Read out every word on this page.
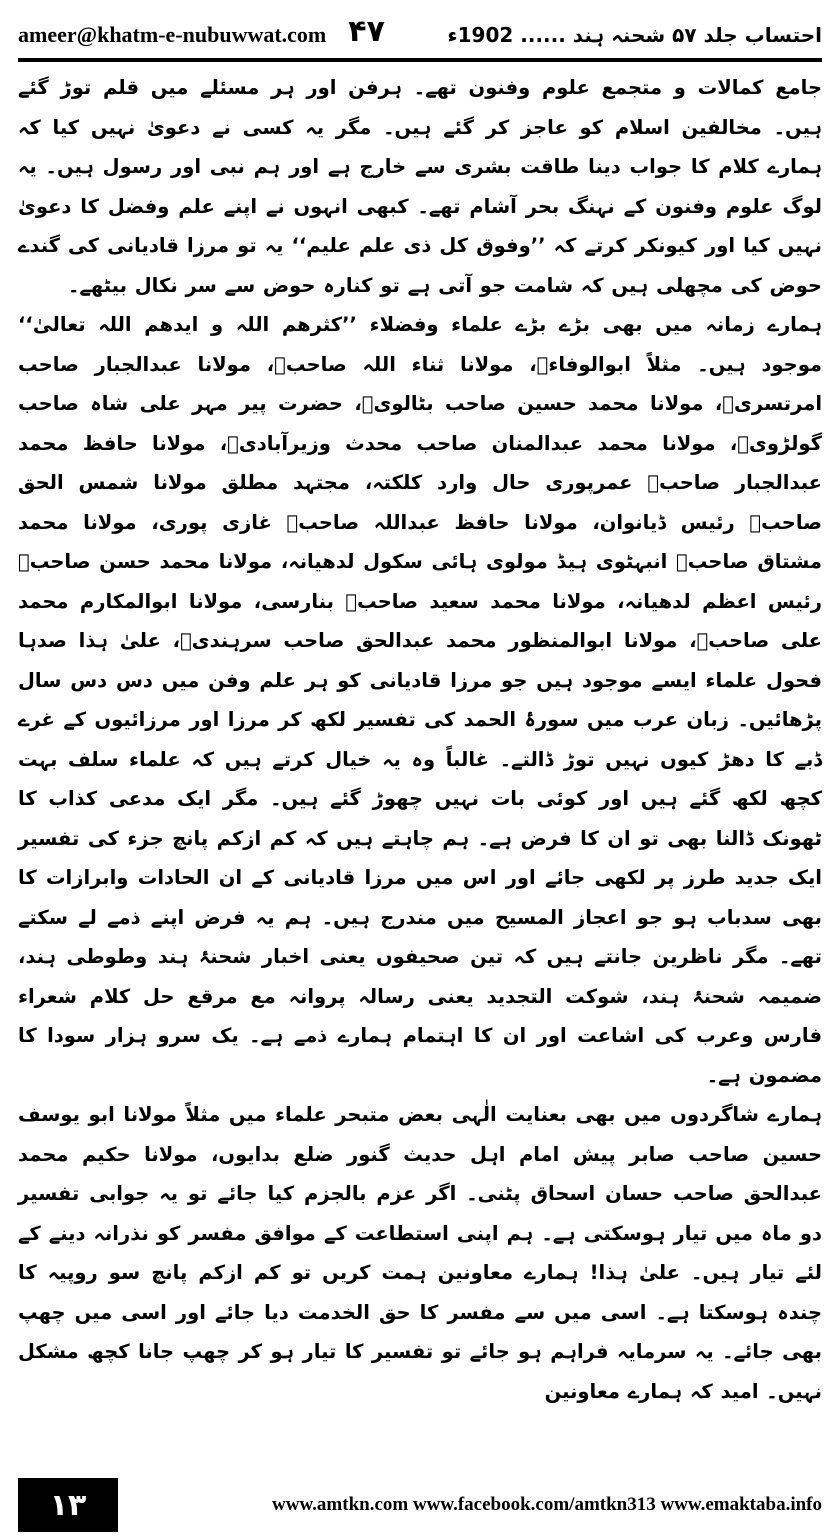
ameer@khatm-e-nubuwwat.com ۴۷	احتساب جلد ۵۷ شحنہ ہند ...... 1902ء

جامع کمالات و متجمع علوم وفنون تھے۔ ہرفن اور ہر مسئلے میں قلم توڑ گئے ہیں۔ مخالفین اسلام کو عاجز کر گئے ہیں۔ مگر یہ کسی نے دعویٰ نہیں کیا کہ ہمارے کلام کا جواب دینا طاقت بشری سے خارج ہے اور ہم نبی اور رسول ہیں۔ یہ لوگ علوم وفنون کے نہنگ بحر آشام تھے۔ کبھی انہوں نے اپنے علم وفضل کا دعویٰ نہیں کیا اور کیونکر کرتے کہ ’’وفوق کل ذی علم علیم‘‘ یہ تو مرزا قادیانی کی گندے حوض کی مچھلی ہیں کہ شامت جو آتی ہے تو کنارہ حوض سے سر نکال بیٹھے۔

ہمارے زمانہ میں بھی بڑے بڑے علماء وفضلاء ’’کثرھم اللہ و ایدھم اللہ تعالیٰ‘‘ موجود ہیں۔ مثلاً ابوالوفاءؒ، مولانا ثناء اللہ صاحبؒ، مولانا عبدالجبار صاحب امرتسریؒ، مولانا محمد حسین صاحب بٹالویؒ، حضرت پیر مہر علی شاہ صاحب گولڑویؒ، مولانا محمد عبدالمنان صاحب محدث وزیرآبادیؒ، مولانا حافظ محمد عبدالجبار صاحبؒ عمرپوری حال وارد کلکتہ، مجتہد مطلق مولانا شمس الحق صاحبؒ رئیس ڈیانوان، مولانا حافظ عبداللہ صاحبؒ غازی پوری، مولانا محمد مشتاق صاحبؒ انبہٹوی ہیڈ مولوی ہائی سکول لدھیانہ، مولانا محمد حسن صاحبؒ رئیس اعظم لدھیانہ، مولانا محمد سعید صاحبؒ بنارسی، مولانا ابوالمکارم محمد علی صاحبؒ، مولانا ابوالمنظور محمد عبدالحق صاحب سرہندیؒ، علیٰ ہذا صدہا فحول علماء ایسے موجود ہیں جو مرزا قادیانی کو ہر علم وفن میں دس دس سال پڑھائیں۔ زبان عرب میں سورۂ الحمد کی تفسیر لکھ کر مرزا اور مرزائیوں کے غرے ڈبے کا دھڑ کیوں نہیں توڑ ڈالتے۔ غالباً وہ یہ خیال کرتے ہیں کہ علماء سلف بہت کچھ لکھ گئے ہیں اور کوئی بات نہیں چھوڑ گئے ہیں۔ مگر ایک مدعی کذاب کا ٹھونک ڈالنا بھی تو ان کا فرض ہے۔ ہم چاہتے ہیں کہ کم ازکم پانچ جزء کی تفسیر ایک جدید طرز پر لکھی جائے اور اس میں مرزا قادیانی کے ان الحادات وابرازات کا بھی سدباب ہو جو اعجاز المسیح میں مندرج ہیں۔ ہم یہ فرض اپنے ذمے لے سکتے تھے۔ مگر ناظرین جانتے ہیں کہ تین صحیفوں یعنی اخبار شحنۂ ہند وطوطی ہند، ضمیمہ شحنۂ ہند، شوکت التجدید یعنی رسالہ پروانہ مع مرقع حل کلام شعراء فارس وعرب کی اشاعت اور ان کا اہتمام ہمارے ذمے ہے۔ یک سرو ہزار سودا کا مضمون ہے۔

ہمارے شاگردوں میں بھی بعنایت الٰہی بعض متبحر علماء میں مثلاً مولانا ابو یوسف حسین صاحب صابر پیش امام اہل حدیث گنور ضلع بدایوں، مولانا حکیم محمد عبدالحق صاحب حسان اسحاق پٹنی۔ اگر عزم بالجزم کیا جائے تو یہ جوابی تفسیر دو ماہ میں تیار ہوسکتی ہے۔ ہم اپنی استطاعت کے موافق مفسر کو نذرانہ دینے کے لئے تیار ہیں۔ علیٰ ہذا! ہمارے معاونین ہمت کریں تو کم ازکم پانچ سو روپیہ کا چندہ ہوسکتا ہے۔ اسی میں سے مفسر کا حق الخدمت دیا جائے اور اسی میں چھپ بھی جائے۔ یہ سرمایہ فراہم ہو جائے تو تفسیر کا تیار ہو کر چھپ جانا کچھ مشکل نہیں۔ امید کہ ہمارے معاونین

۱۳	www.amtkn.com www.facebook.com/amtkn313 www.emaktaba.info
